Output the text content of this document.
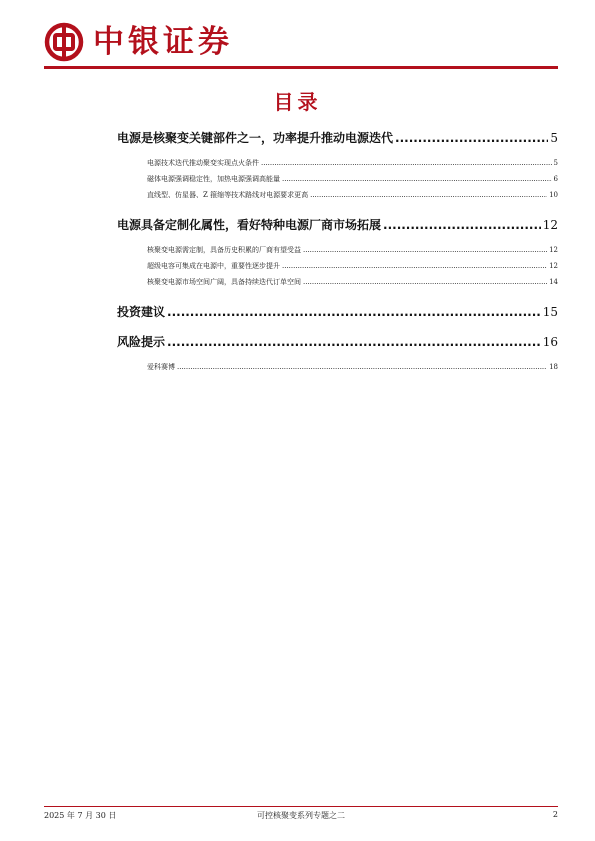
中银证券
目录
电源是核聚变关键部件之一，功率提升推动电源迭代 .....	5
电源技术迭代推动聚变实现点火条件 .....	5
磁体电源强调稳定性，加热电源强调高能量 .....	6
直线型、仿星器、Z 箍缩等技术路线对电源要求更高 .....	10
电源具备定制化属性，看好特种电源厂商市场拓展 .....	12
核聚变电源需定制，具备历史积累的厂商有望受益 .....	12
超级电容可集成在电源中，重要性逐步提升 .....	12
核聚变电源市场空间广阔，具备持续迭代订单空间 .....	14
投资建议 .....	15
风险提示 .....	16
爱科赛博 .....	18
2025 年 7 月 30 日	可控核聚变系列专题之二	2
